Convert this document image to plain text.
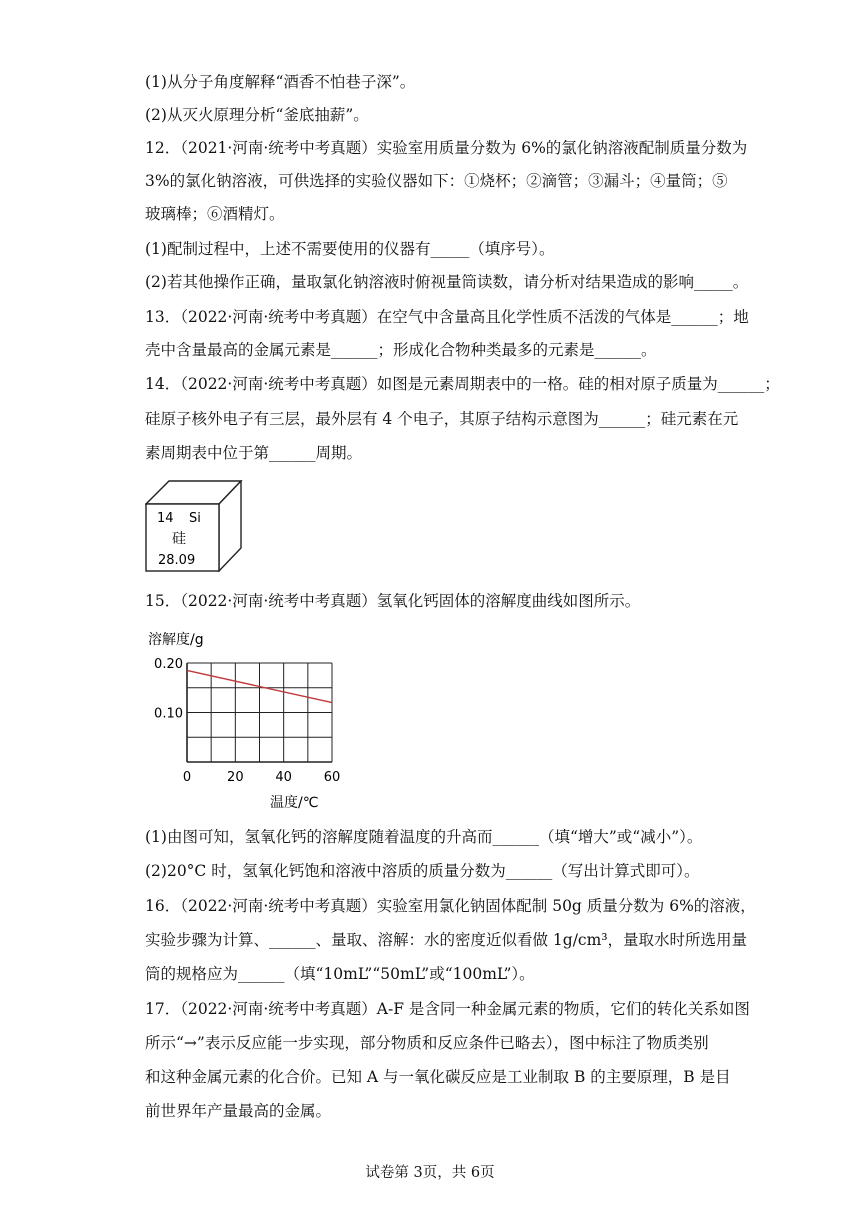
(1)从分子角度解释“酒香不怕巷子深”。
(2)从灭火原理分析“釜底抽薪”。
12．（2021·河南·统考中考真题）实验室用质量分数为 6%的氯化钠溶液配制质量分数为
3%的氯化钠溶液，可供选择的实验仪器如下：①烧杯；②滴管；③漏斗；④量筒；⑤
玻璃棒；⑥酒精灯。
(1)配制过程中，上述不需要使用的仪器有_____（填序号）。
(2)若其他操作正确，量取氯化钠溶液时俯视量筒读数，请分析对结果造成的影响_____。
13．（2022·河南·统考中考真题）在空气中含量高且化学性质不活泼的气体是______；地
壳中含量最高的金属元素是______；形成化合物种类最多的元素是______。
14．（2022·河南·统考中考真题）如图是元素周期表中的一格。硅的相对原子质量为______；
硅原子核外电子有三层，最外层有 4 个电子，其原子结构示意图为______；硅元素在元
素周期表中位于第______周期。
14 Si
硅
28.09
15．（2022·河南·统考中考真题）氢氧化钙固体的溶解度曲线如图所示。
溶解度/g
0	20 40 60
0.20
0.10
温度/℃
(1)由图可知，氢氧化钙的溶解度随着温度的升高而______（填“增大”或“减小”）。
(2)20°C 时，氢氧化钙饱和溶液中溶质的质量分数为______（写出计算式即可）。
16．（2022·河南·统考中考真题）实验室用氯化钠固体配制 50g 质量分数为 6%的溶液，
实验步骤为计算、______、量取、溶解：水的密度近似看做 1g/cm³，量取水时所选用量
筒的规格应为______（填“10mL”“50mL”或“100mL”）。
17．（2022·河南·统考中考真题）A-F 是含同一种金属元素的物质，它们的转化关系如图
所示“→”表示反应能一步实现，部分物质和反应条件已略去），图中标注了物质类别
和这种金属元素的化合价。已知 A 与一氧化碳反应是工业制取 B 的主要原理，B 是目
前世界年产量最高的金属。
试卷第 3页，共 6页
